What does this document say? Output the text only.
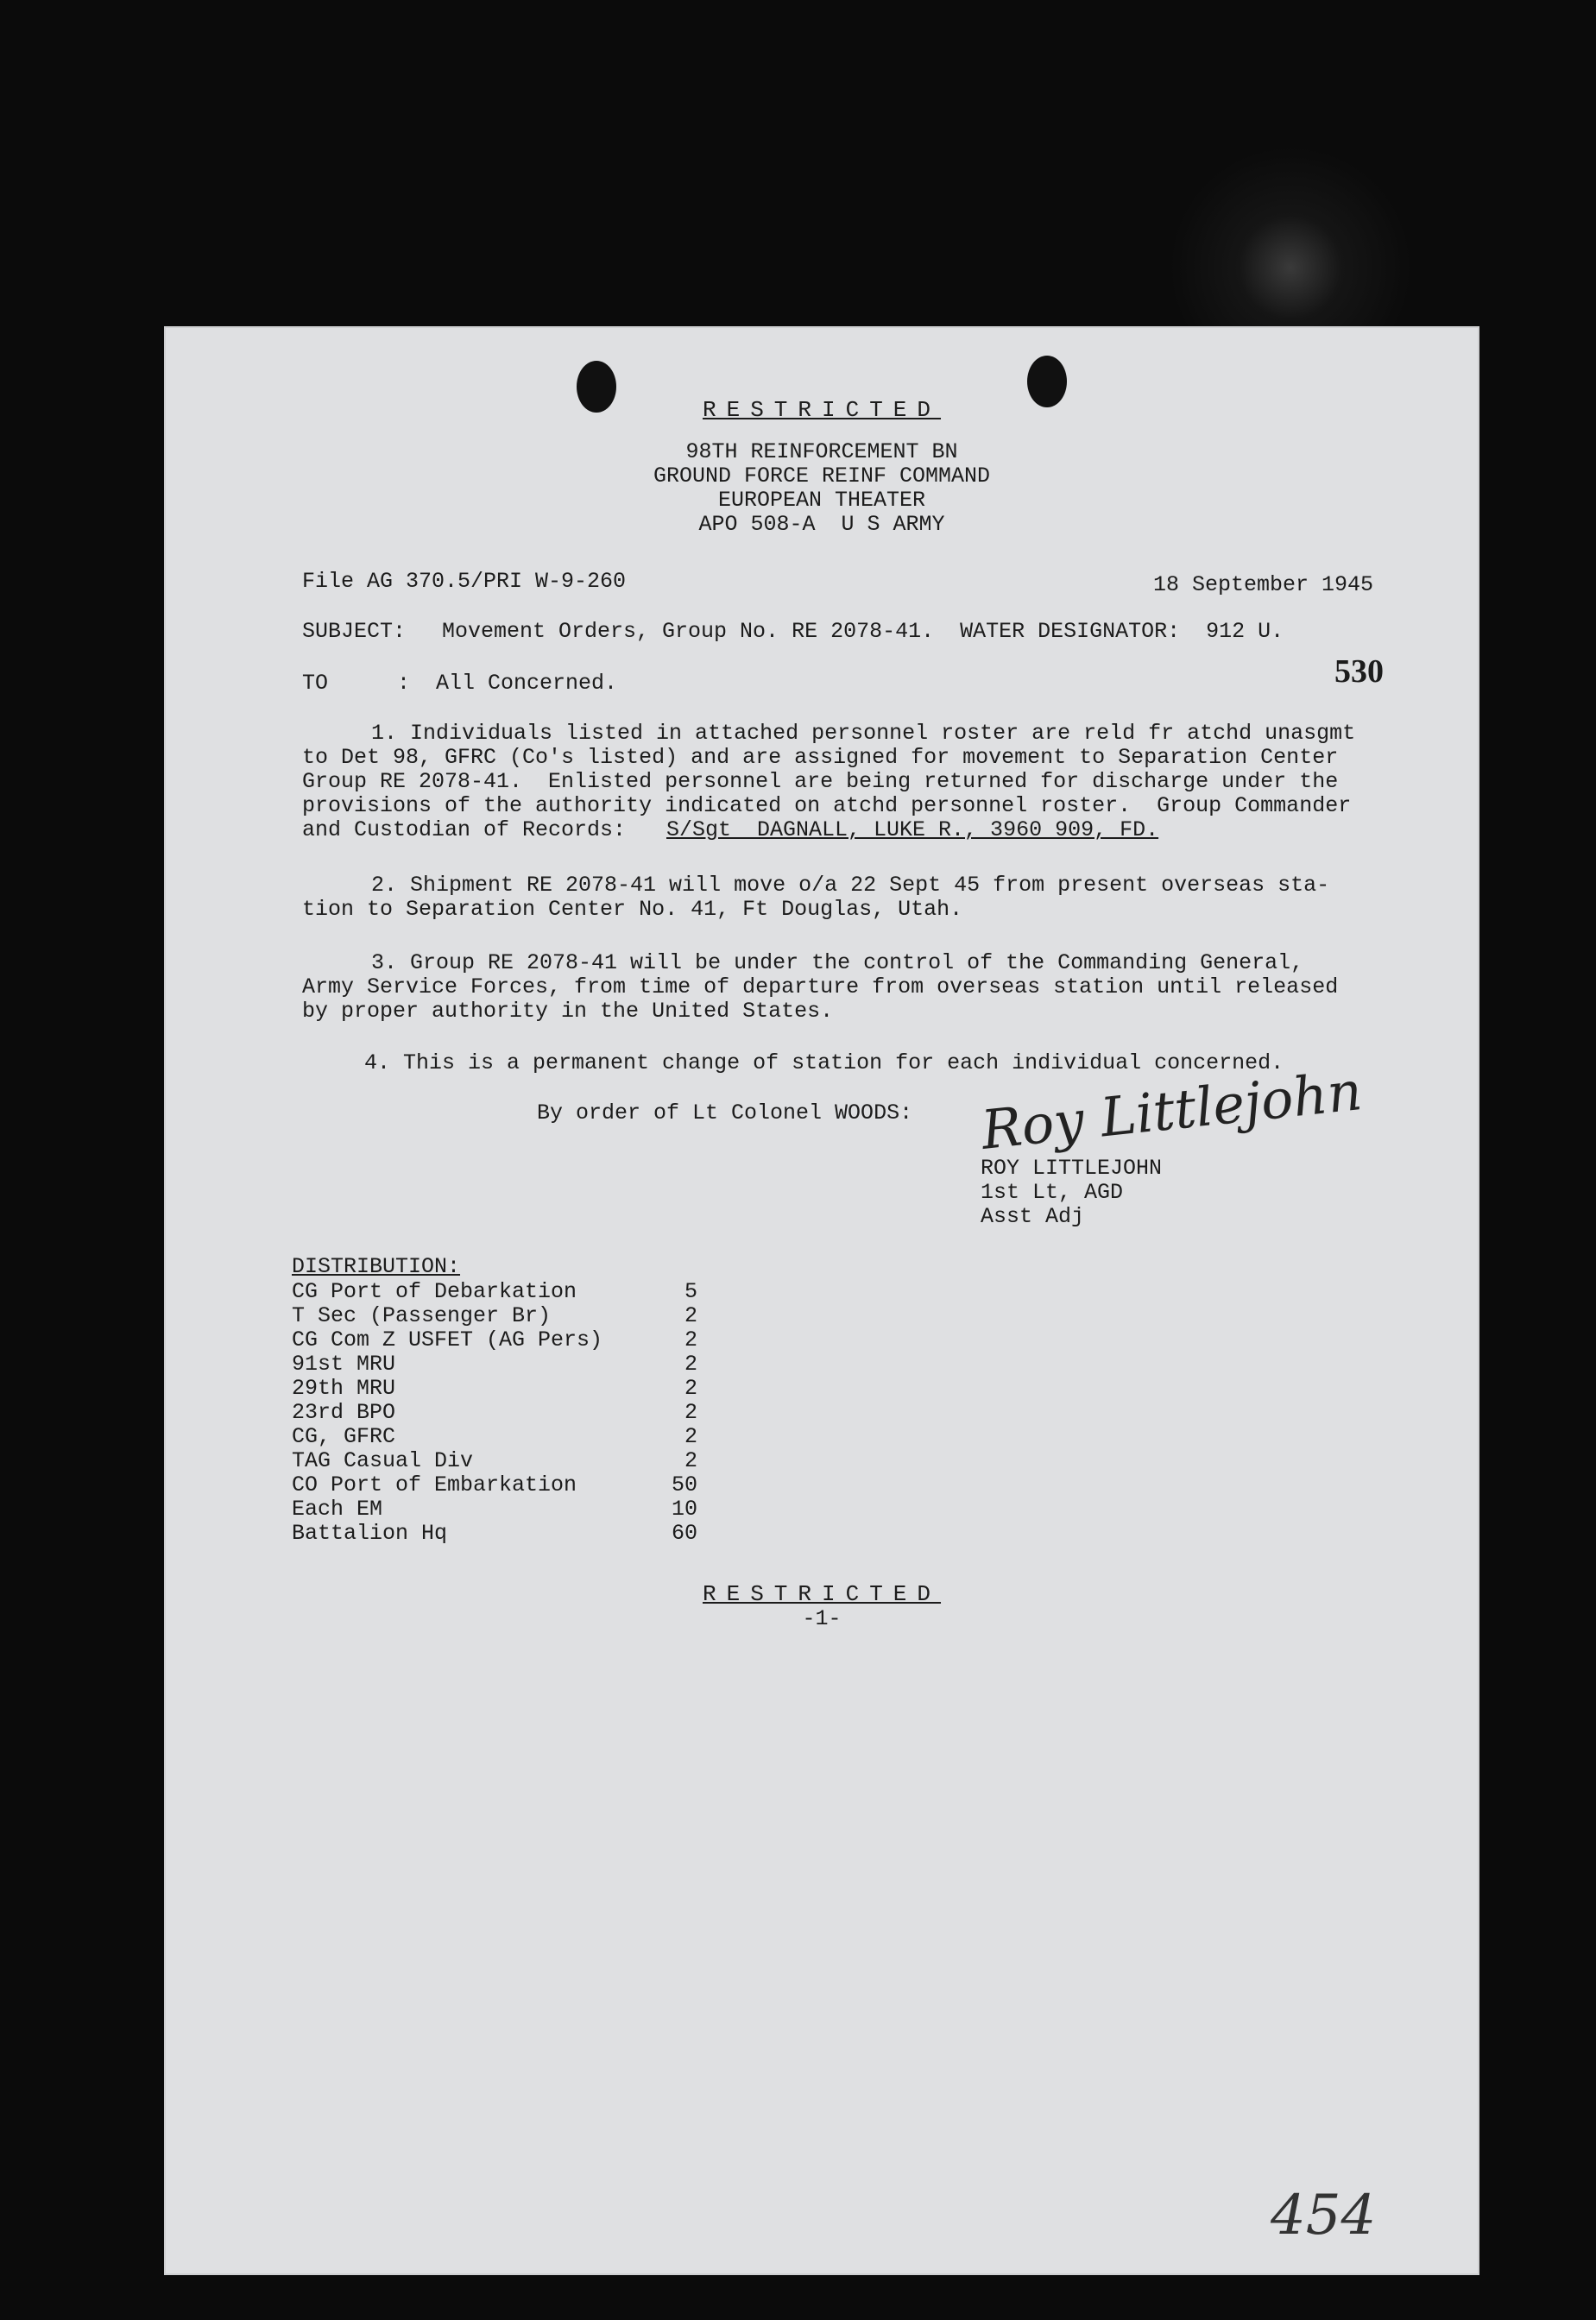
RESTRICTED
98TH REINFORCEMENT BN
GROUND FORCE REINF COMMAND
EUROPEAN THEATER
APO 508-A  U S ARMY
File AG 370.5/PRI W-9-260	18 September 1945
SUBJECT: Movement Orders, Group No. RE 2078-41.  WATER DESIGNATOR:  912 U.
530
TO	:  All Concerned.
1. Individuals listed in attached personnel roster are reld fr atchd unasgmt
to Det 98, GFRC (Co's listed) and are assigned for movement to Separation Center
Group RE 2078-41.  Enlisted personnel are being returned for discharge under the
provisions of the authority indicated on atchd personnel roster.  Group Commander
and Custodian of Records: S/Sgt  DAGNALL, LUKE R., 3960 909, FD.
2. Shipment RE 2078-41 will move o/a 22 Sept 45 from present overseas sta-
tion to Separation Center No. 41, Ft Douglas, Utah.
3. Group RE 2078-41 will be under the control of the Commanding General,
Army Service Forces, from time of departure from overseas station until released
by proper authority in the United States.
4. This is a permanent change of station for each individual concerned.
By order of Lt Colonel WOODS: Roy Littlejohn
ROY LITTLEJOHN
1st Lt, AGD
Asst Adj
DISTRIBUTION:
CG Port of Debarkation	5
T Sec (Passenger Br)	2
CG Com Z USFET (AG Pers)	2
91st MRU	2
29th MRU	2
23rd BPO	2
CG, GFRC	2
TAG Casual Div	2
CO Port of Embarkation	50
Each EM	10
Battalion Hq	60
RESTRICTED
-1-
454
